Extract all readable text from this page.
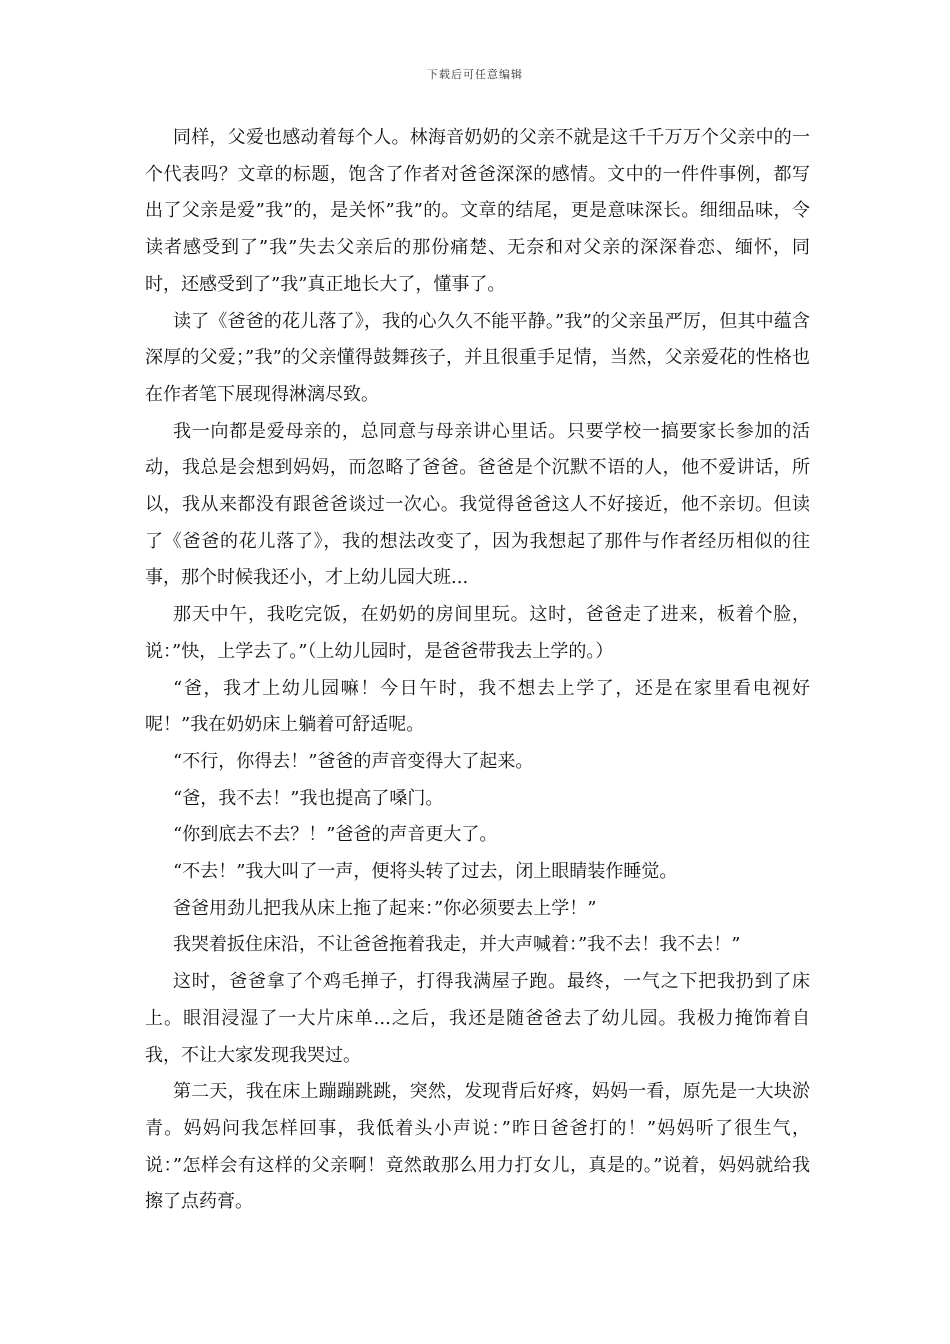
下载后可任意编辑

同样，父爱也感动着每个人。林海音奶奶的父亲不就是这千千万万个父亲中的一个代表吗？文章的标题，饱含了作者对爸爸深深的感情。文中的一件件事例，都写出了父亲是爱”我”的，是关怀”我”的。文章的结尾，更是意味深长。细细品味，令读者感受到了”我”失去父亲后的那份痛楚、无奈和对父亲的深深眷恋、缅怀，同时，还感受到了”我”真正地长大了，懂事了。

读了《爸爸的花儿落了》，我的心久久不能平静。”我”的父亲虽严厉，但其中蕴含深厚的父爱；”我”的父亲懂得鼓舞孩子，并且很重手足情，当然，父亲爱花的性格也在作者笔下展现得淋漓尽致。

我一向都是爱母亲的，总同意与母亲讲心里话。只要学校一搞要家长参加的活动，我总是会想到妈妈，而忽略了爸爸。爸爸是个沉默不语的人，他不爱讲话，所以，我从来都没有跟爸爸谈过一次心。我觉得爸爸这人不好接近，他不亲切。但读了《爸爸的花儿落了》，我的想法改变了，因为我想起了那件与作者经历相似的往事，那个时候我还小，才上幼儿园大班...

那天中午，我吃完饭，在奶奶的房间里玩。这时，爸爸走了进来，板着个脸，说：”快，上学去了。”（上幼儿园时，是爸爸带我去上学的。）

“爸，我才上幼儿园嘛！今日午时，我不想去上学了，还是在家里看电视好呢！”我在奶奶床上躺着可舒适呢。

“不行，你得去！”爸爸的声音变得大了起来。

“爸，我不去！”我也提高了嗓门。

“你到底去不去？！”爸爸的声音更大了。

“不去！”我大叫了一声，便将头转了过去，闭上眼睛装作睡觉。

爸爸用劲儿把我从床上拖了起来：”你必须要去上学！”

我哭着扳住床沿，不让爸爸拖着我走，并大声喊着：”我不去！我不去！”

这时，爸爸拿了个鸡毛掸子，打得我满屋子跑。最终，一气之下把我扔到了床上。眼泪浸湿了一大片床单...之后，我还是随爸爸去了幼儿园。我极力掩饰着自我，不让大家发现我哭过。

第二天，我在床上蹦蹦跳跳，突然，发现背后好疼，妈妈一看，原先是一大块淤青。妈妈问我怎样回事，我低着头小声说：”昨日爸爸打的！”妈妈听了很生气，说：”怎样会有这样的父亲啊！竟然敢那么用力打女儿，真是的。”说着，妈妈就给我擦了点药膏。
